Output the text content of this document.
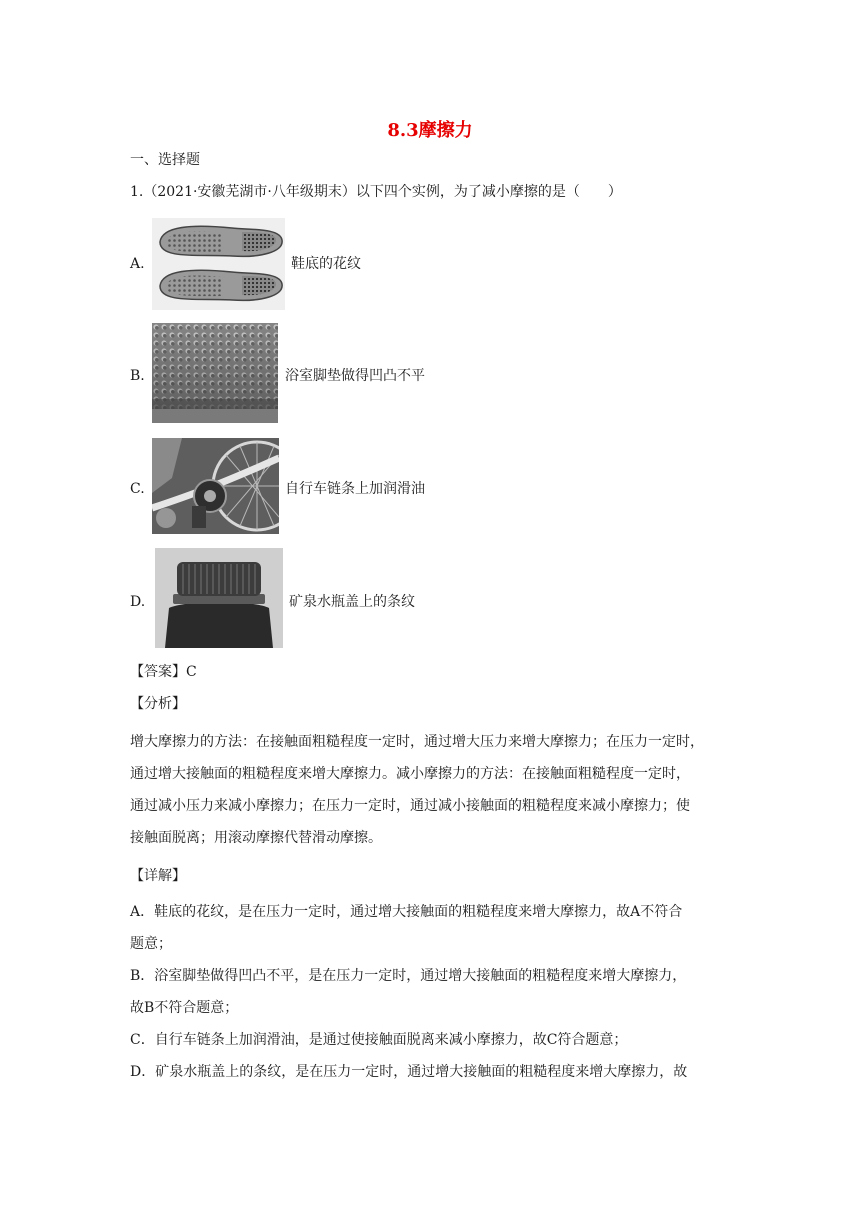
8.3摩擦力
一、选择题
1.（2021·安徽芜湖市·八年级期末）以下四个实例，为了减小摩擦的是（　　）
A.	鞋底的花纹
B.	浴室脚垫做得凹凸不平
C.	自行车链条上加润滑油
D.	矿泉水瓶盖上的条纹
【答案】C
【分析】
增大摩擦力的方法：在接触面粗糙程度一定时，通过增大压力来增大摩擦力；在压力一定时，
通过增大接触面的粗糙程度来增大摩擦力。减小摩擦力的方法：在接触面粗糙程度一定时，
通过减小压力来减小摩擦力；在压力一定时，通过减小接触面的粗糙程度来减小摩擦力；使
接触面脱离；用滚动摩擦代替滑动摩擦。
【详解】
A．鞋底的花纹，是在压力一定时，通过增大接触面的粗糙程度来增大摩擦力，故A不符合
题意；
B．浴室脚垫做得凹凸不平，是在压力一定时，通过增大接触面的粗糙程度来增大摩擦力，
故B不符合题意；
C．自行车链条上加润滑油，是通过使接触面脱离来减小摩擦力，故C符合题意；
D．矿泉水瓶盖上的条纹，是在压力一定时，通过增大接触面的粗糙程度来增大摩擦力，故
